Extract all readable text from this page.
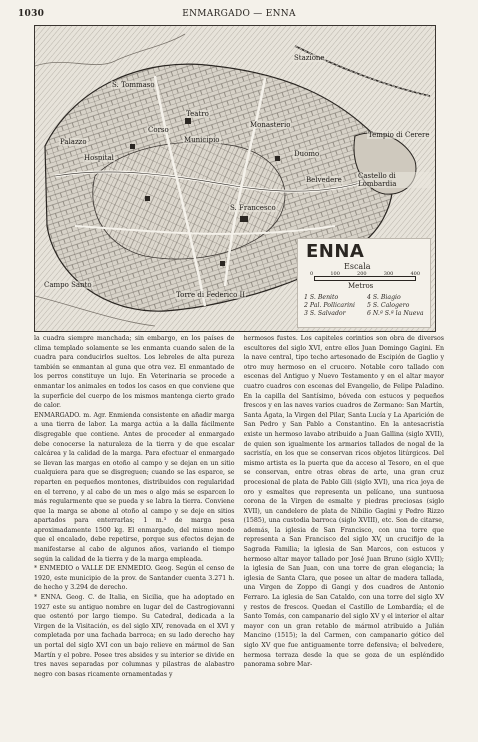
1030	ENMARGADO — ENNA
Stazione
S. Tommaso
Teatro
Corso
Municipio
Monasterio
Palazzo
Hospital
Campo Santo
Castello di Lombardia
Tempio di Cerere
Torre di Federico II
S. Francesco
Duomo
Belvedere
ENNA
Escala
0	100	200	300	400
Metros
1 S. Benito	4 S. Biagio
2 Pal. Pollicarini	5 S. Calogero
3 S. Salvador	6 N.ª S.ª la Nueva

la cuadra siempre manchada; sin embargo, en los países de clima templado solamente se les enmanta cuando salen de la cuadra para conducirlos sueltos. Los lebreles de alta pureza también se enmantan al guna que otra vez. El enmantado de los perros constituye un lujo. En Veterinaria se procede a enmantar los animales en todos los casos en que conviene que la superficie del cuerpo de los mismos mantenga cierto grado de calor.

ENMARGADO. m. Agr. Enmienda consistente en añadir marga a una tierra de labor. La marga actúa a la dalla fácilmente disgregable que contiene. Antes de proceder al enmargado debe conocerse la naturaleza de la tierra y de que escalar calcárea y la calidad de la marga. Para efectuar el enmargado se llevan las margas en otoño al campo y se dejan en un sitio cualquiera para que se disgreguen; cuando se las esparce, se reparten en pequeños montones, distribuidos con regularidad en el terreno, y al cabo de un mes o algo más se esparcen lo más regularmente que se pueda y se labra la tierra. Conviene que la marga se abone al otoño al campo y se deje en sitios apartados para enterrarlas; 1 m.³ de marga pesa aproximadamente 1500 kg. El enmargado, del mismo modo que el encalado, debe repetirse, porque sus efectos dejan de manifestarse al cabo de algunos años, variando el tiempo según la calidad de la tierra y de la marga empleada.

* ENMEDIO o VALLE DE ENMEDIO. Geog. Según el censo de 1920, este municipio de la prov. de Santander cuenta 3.271 h. de hecho y 3.294 de derecho.

* ENNA. Geog. C. de Italia, en Sicilia, que ha adoptado en 1927 este su antiguo nombre en lugar del de Castrogiovanni que ostentó por largo tiempo. Su Catedral, dedicada a la Virgen de la Visitación, es del siglo XIV, renovada en el XVI y completada por una fachada barroca; en su lado derecho hay un portal del siglo XVI con un bajo relieve en mármol de San Martín y el pobre. Posee tres absides y su interior se divide en tres naves separadas por columnas y pilastras de alabastro negro con basas ricamente ornamentadas y

hermosos fustes. Los capiteles corintios son obra de diversos escultores del siglo XVI, entre ellos Juan Domingo Gagini. En la nave central, tipo techo artesonado de Escipión de Gaglio y otro muy hermoso en el crucero. Notable coro tallado con escenas del Antiguo y Nuevo Testamento y en el altar mayor cuatro cuadros con escenas del Evangelio, de Felipe Paladino. En la capilla del Santísimo, bóveda con estucos y pequeños frescos y en las naves varios cuadros de Zermano: San Martín, Santa Ágata, la Virgen del Pilar, Santa Lucía y La Aparición de San Pedro y San Pablo a Constantino. En la antesacristía existe un hermoso lavabo atribuido a Juan Gallina (siglo XVII), de quien son igualmente los armarios tallados de nogal de la sacristía, en los que se conservan ricos objetos litúrgicos. Del mismo artista es la puerta que da acceso al Tesoro, en el que se conservan, entre otras obras de arte, una gran cruz procesional de plata de Pablo Gili (siglo XVI), una rica joya de oro y esmaltes que representa un pelícano, una suntuosa corona de la Virgen de esmalte y piedras preciosas (siglo XVII), un candelero de plata de Nibilio Gagini y Pedro Rizzo (1585), una custodia barroca (siglo XVIII), etc. Son de citarse, además, la iglesia de San Francisco, con una torre que representa a San Francisco del siglo XV, un crucifijo de la Sagrada Familia; la iglesia de San Marcos, con estucos y hermoso altar mayor tallado por José Juan Bruno (siglo XVII); la iglesia de San Juan, con una torre de gran elegancia; la iglesia de Santa Clara, que posee un altar de madera tallada, una Virgen de Zoppo di Gangi y dos cuadros de Antonio Ferraro. La iglesia de San Cataldo, con una torre del siglo XV y restos de frescos. Quedan el Castillo de Lombardía; el de Santo Tomás, con campanario del siglo XV y el interior el altar mayor con un gran retablo de mármol atribuido a Julián Mancino (1515); la del Carmen, con campanario gótico del siglo XV que fue antiguamente torre defensiva; el belvedere, hermosa terraza desde la que se goza de un espléndido panorama sobre Mar-
